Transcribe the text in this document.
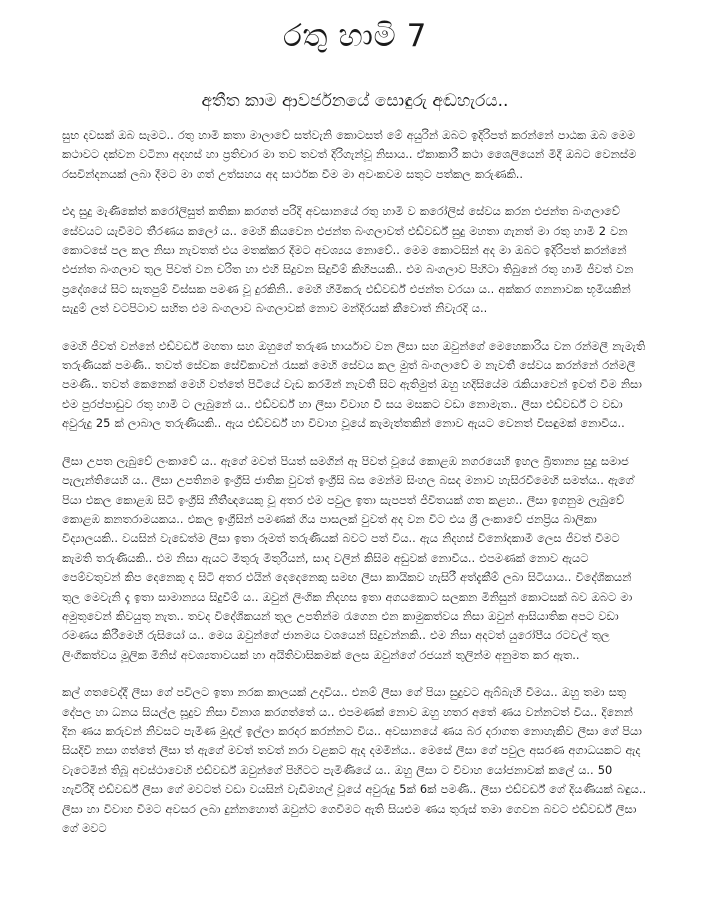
රතු හාමි 7
අතීත කාම ආවර්ජනයේ සොඳුරු අඬහැරය..

සුභ දවසක් ඔබ සැමට.. රතු හාමි කතා මාලාවේ සත්වැනි කොටසත් මේ අයුරින් ඔබට ඉදිරිපත් කරන්නේ පාඨක ඔබ මෙම කථාවට දක්වන වටිනා අදහස් හා ප්‍රතිචාර මා තව තවත් දිරිගැන්වූ නිසාය.. ඒකාකාරී කථා ශෛලියෙන් මිදී ඔබට වෙනස්ම රසවින්දනයක් ලබා දීමට මා ගත් උත්සහය අද සාර්ථක වීම මා අවංකවම සතුට පත්කල කරුණකි..

එදා සුදු මැණිකේත් කරෝලිසුත් කතිකා කරගත් පරිදි අවසානයේ රතු හාමි ව කරෝලිස් සේවය කරන එජන්ත බංගලාවේ සේවයට යැවීමට තීරණය කලෝ ය.. මෙහි කියවෙන එජන්ත බංගලාවත් එඩ්වර්ඩ් සුදු මහතා ගැනත් මා රතු හාමි 2 වන කොටසේ පල කල නිසා නැවතත් එය මතක්කර දීමට අවශ්‍යය නොවේ.. මෙම කොටසින් අද මා ඔබට ඉදිරිපත් කරන්නේ එජන්ත බංගලාව තුල පිවත් වන චරිත හා එහි සිදුවන සිදුවීම් කිහිපයකි.. එම බංගලාව පිහිටා තිබුනේ රතු හාමි ජීවත් වන ප්‍රදේශයේ සිට සැතපුම් විස්සක පමණ වූ දුරකිනි.. මෙහි හිමිකරු එඩ්වර්ඩ් එජන්ත වරයා ය.. අක්කර ගනනාවක භූමියකින් සැදුම් ලත් වටපිටාව සහිත එම බංගලාව බංගලාවක් නොව මන්දිරයක් කීවොත් නිවැරදි ය..

මෙහි ජීවත් වන්නේ එඩ්වර්ඩ් මහතා සහ ඔහුගේ තරුණ භාර්යාව වන ලීසා සහ ඔවුන්ගේ මෙහෙකාරිය වන රන්මලී නැමැති තරුණියක් පමණි.. තවත් සේවක සේවිකාවන් රැසක් මෙහි සේවය කල මුත් බංගලාවේ ම නැවතී සේවය කරන්නේ රන්මලී පමණි.. තවත් කෙනෙක් මෙහි වත්තේ පිටියේ වැඩ කරමින් නැවතී සිට ඇතිමුත් ඔහු හදිසියේම රැකියාවෙන් ඉවත් වීම නිසා එම පුරප්පාඩුව රතු හාමි ට ලැබුනේ ය.. එඩ්වර්ඩ් හා ලීසා විවාහ වී සය මසකට වඩා නොමැත.. ලීසා එඩ්වර්ඩ් ට වඩා අවුරුදු 25 ක් ලාබාල තරුණියකි.. ඇය එඩ්වර්ඩ් හා විවාහ වූයේ කැමැත්තකින් නොව ඇයට වෙනත් විසඳුමක් නොවීය..

ලීසා උපත ලැබුවේ ලංකාවේ ය.. ඇගේ මවත් පියත් සමගින් ඈ පිවත් වූයේ කොළඹ නගරයෙහි ඉහල බ්‍රිතාන්‍ය සුදු සමාජ පැලැන්තියෙහි ය.. ලීසා උපතිනම ඉංග්‍රීසි ජාතික වුවත් ඉංග්‍රීසි බස මෙන්ම සිංහල බසද මනාව හැසිරවීමෙහි සමත්ය.. ඇගේ පියා එකල කොළඹ සිටි ඉංග්‍රීසි නීතීඥයෙකු වූ අතර එම පවුල ඉතා සැපපත් ජීවිතයක් ගත කළහ.. ලීසා ඉගනුම ලැබුවේ කොළඹ කනතරාමයකය.. එකල ඉංග්‍රීසින් පමණක් ගිය පාසලක් වුවත් අද වන විට එය ශ්‍රී ලංකාවේ ජනප්‍රිය බාලිකා විද්‍යාලයකි.. වයසින් වැඩෙත්ම ලීසා ඉතා රූමත් තරුණියක් බවට පත් විය.. ඇය නිදහස් විනෝදකාමී ලෙස ජීවත් වීමට කැමති තරුණියකි.. එම නිසා ඇයට මිතුරු මිතුරියන්, සාද වලින් කිසිම අඩුවක් නොවීය.. එපමණක් නොව ඇයට පෙම්වතුවන් කිප දෙනෙකු ද සිටි අතර එයින් දෙදෙනෙකු සමඟ ලීසා කායිකව හැසිරී අත්දැකීම් ලබා සිටියාය.. විදේශිකයන් තුල මෙවැනි දෑ ඉතා සාමාන්‍යය සිදුවීම් ය.. ඔවුන් ලිංගික නිදහස ඉතා අගයකොට සලකන මිනිසුන් කොටසක් බව ඔබට මා අමුතුවෙන් කිවයුතු නැත.. තවද විදේශිකයන් තුල උපතින්ම රැගෙන එන කාමුකත්වය නිසා ඔවුන් ආසියාතික අපට වඩා රමණය කිරීමෙහි රුසියෝ ය.. මෙය ඔවුන්ගේ ජානමය වශයෙන් සිදුවන්නකි.. එම නිසා අදටත් යුරෝපීය රටවල් තුල ලිංගිකත්වය මූලික මිනිස් අවශ්‍යතාවයක් හා අයිතිවාසිකමක් ලෙස ඔවුන්ගේ රජයන් තුලින්ම අනුමත කර ඇත..

කල් ගතවෙද්දී ලීසා ගේ පවිලට ඉතා නරක කාලයක් උදාවිය.. එනම් ලීසා ගේ පියා සුදුවට ඇබ්බැහි වීමය.. ඔහු තමා සතු දේපල හා ධනය සියල්ල සූදුව නිසා විනාශ කරගත්තේ ය.. එපමණක් නොව ඔහු හතර අතේ ණය වන්නටත් විය.. දිනෙන් දින ණය කරුවන් නිවසට පැමිණ මුදල් ඉල්ලා කරදර කරන්නට විය.. අවසානයේ ණය බර දරාගත නොහැකිව ලීසා ගේ පියා සියදිවි නසා ගත්තේ ලීසා ත් ඇගේ මවත් තවත් නරා වළකට ඇද දමමින්ය.. මෙසේ ලීසා ගේ පවුල අසරණ අගාධයකට ඇද වැටෙමින් තිබූ අවස්ථාවෙහි එඩ්වර්ඩ් ඔවුන්ගේ පිහිටට පැමිණියේ ය.. ඔහු ලීසා ට විවාහ යෝජනාවක් කලේ ය.. 50 හැවිරිදි එඩ්වර්ඩ් ලීසා ගේ මවටත් වඩා වයසින් වැඩිමහල් වූයේ අවුරුදු 5ක් 6ක් පමණි.. ලීසා එඩ්වර්ඩ් ගේ දියණියක් බඳුය.. ලීසා හා විවාහ වීමට අවසර ලබා දුන්නහොත් ඔවුන්ට ගෙවීමට ඇති සියළුම ණය තුරුස් තමා ගෙවන බවට එඩ්වර්ඩ් ලීසා ගේ මවට
